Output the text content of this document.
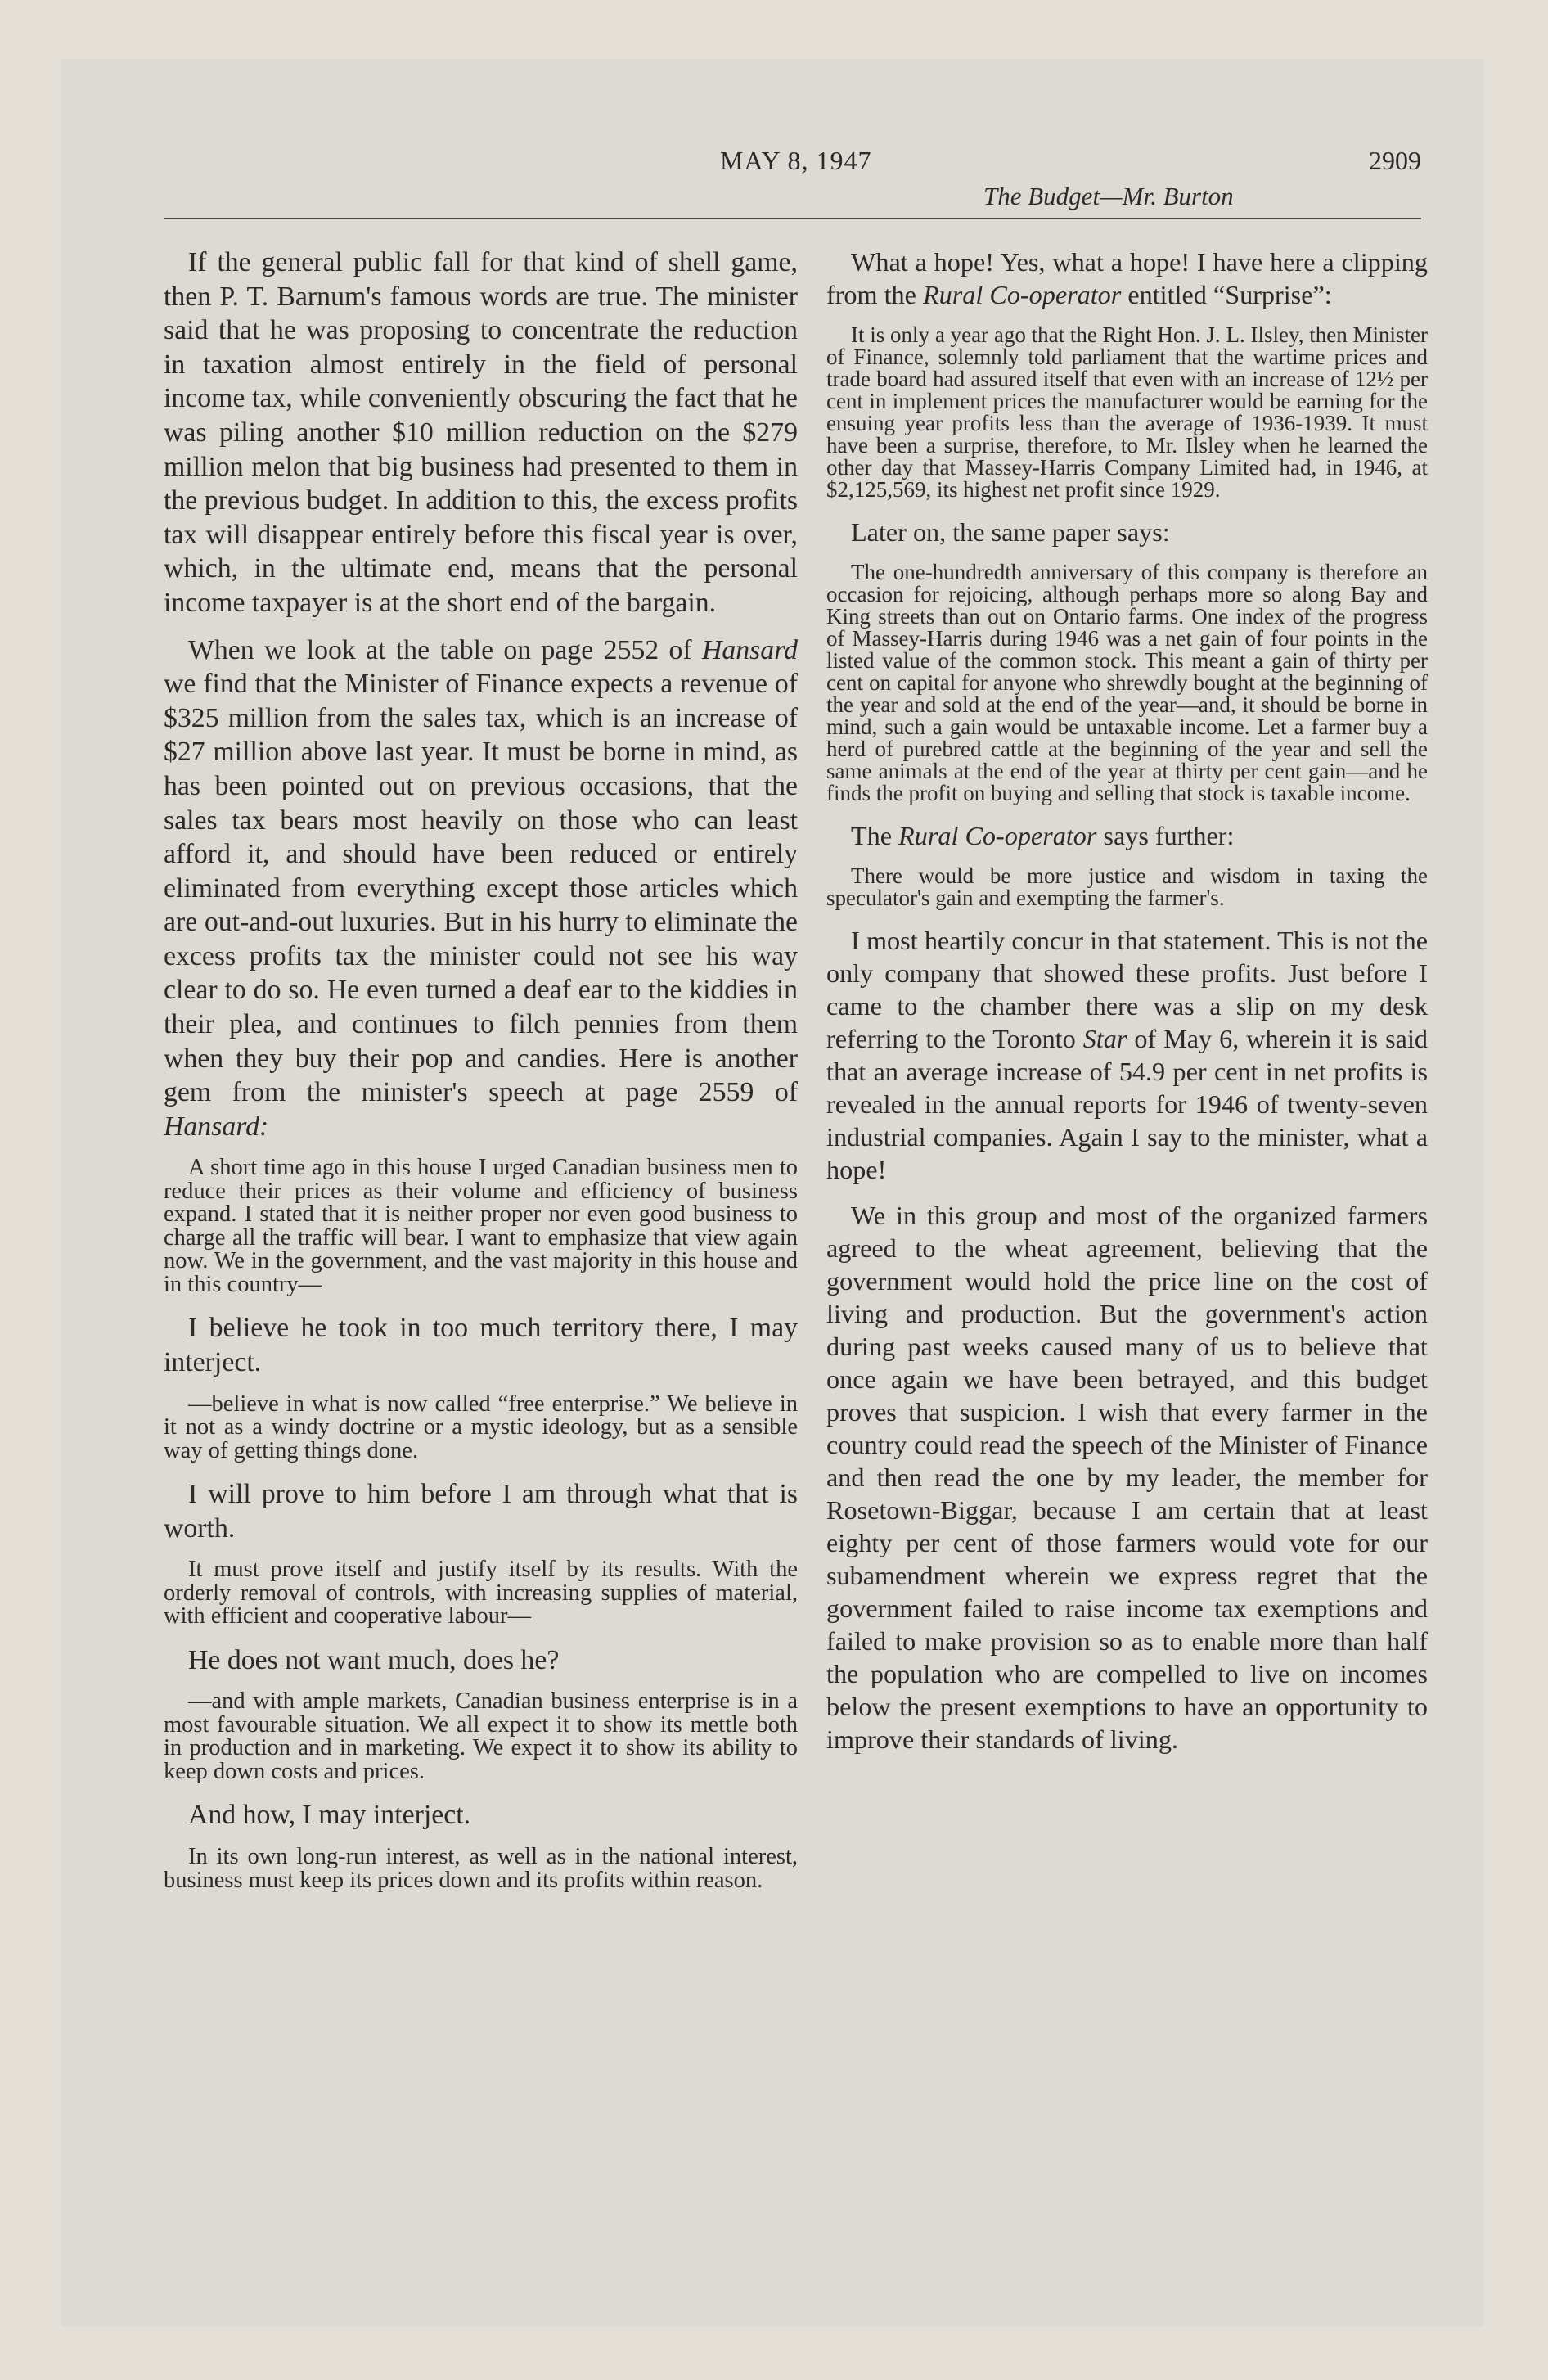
MAY 8, 1947	2909
The Budget—Mr. Burton

If the general public fall for that kind of shell game, then P. T. Barnum's famous words are true. The minister said that he was proposing to concentrate the reduction in taxation almost entirely in the field of personal income tax, while conveniently obscuring the fact that he was piling another $10 million reduction on the $279 million melon that big business had presented to them in the previous budget. In addition to this, the excess profits tax will disappear entirely before this fiscal year is over, which, in the ultimate end, means that the personal income taxpayer is at the short end of the bargain.

When we look at the table on page 2552 of Hansard we find that the Minister of Finance expects a revenue of $325 million from the sales tax, which is an increase of $27 million above last year. It must be borne in mind, as has been pointed out on previous occasions, that the sales tax bears most heavily on those who can least afford it, and should have been reduced or entirely eliminated from everything except those articles which are out-and-out luxuries. But in his hurry to eliminate the excess profits tax the minister could not see his way clear to do so. He even turned a deaf ear to the kiddies in their plea, and continues to filch pennies from them when they buy their pop and candies. Here is another gem from the minister's speech at page 2559 of Hansard:

A short time ago in this house I urged Canadian business men to reduce their prices as their volume and efficiency of business expand. I stated that it is neither proper nor even good business to charge all the traffic will bear. I want to emphasize that view again now. We in the government, and the vast majority in this house and in this country—

I believe he took in too much territory there, I may interject.

—believe in what is now called “free enterprise.” We believe in it not as a windy doctrine or a mystic ideology, but as a sensible way of getting things done.

I will prove to him before I am through what that is worth.

It must prove itself and justify itself by its results. With the orderly removal of controls, with increasing supplies of material, with efficient and cooperative labour—

He does not want much, does he?

—and with ample markets, Canadian business enterprise is in a most favourable situation. We all expect it to show its mettle both in production and in marketing. We expect it to show its ability to keep down costs and prices.

And how, I may interject.

In its own long-run interest, as well as in the national interest, business must keep its prices down and its profits within reason.

What a hope! Yes, what a hope! I have here a clipping from the Rural Co-operator entitled “Surprise”:

It is only a year ago that the Right Hon. J. L. Ilsley, then Minister of Finance, solemnly told parliament that the wartime prices and trade board had assured itself that even with an increase of 12½ per cent in implement prices the manufacturer would be earning for the ensuing year profits less than the average of 1936-1939. It must have been a surprise, therefore, to Mr. Ilsley when he learned the other day that Massey-Harris Company Limited had, in 1946, at $2,125,569, its highest net profit since 1929.

Later on, the same paper says:

The one-hundredth anniversary of this company is therefore an occasion for rejoicing, although perhaps more so along Bay and King streets than out on Ontario farms. One index of the progress of Massey-Harris during 1946 was a net gain of four points in the listed value of the common stock. This meant a gain of thirty per cent on capital for anyone who shrewdly bought at the beginning of the year and sold at the end of the year—and, it should be borne in mind, such a gain would be untaxable income. Let a farmer buy a herd of purebred cattle at the beginning of the year and sell the same animals at the end of the year at thirty per cent gain—and he finds the profit on buying and selling that stock is taxable income.

The Rural Co-operator says further:

There would be more justice and wisdom in taxing the speculator's gain and exempting the farmer's.

I most heartily concur in that statement. This is not the only company that showed these profits. Just before I came to the chamber there was a slip on my desk referring to the Toronto Star of May 6, wherein it is said that an average increase of 54.9 per cent in net profits is revealed in the annual reports for 1946 of twenty-seven industrial companies. Again I say to the minister, what a hope!

We in this group and most of the organized farmers agreed to the wheat agreement, believing that the government would hold the price line on the cost of living and production. But the government's action during past weeks caused many of us to believe that once again we have been betrayed, and this budget proves that suspicion. I wish that every farmer in the country could read the speech of the Minister of Finance and then read the one by my leader, the member for Rosetown-Biggar, because I am certain that at least eighty per cent of those farmers would vote for our subamendment wherein we express regret that the government failed to raise income tax exemptions and failed to make provision so as to enable more than half the population who are compelled to live on incomes below the present exemptions to have an opportunity to improve their standards of living.
